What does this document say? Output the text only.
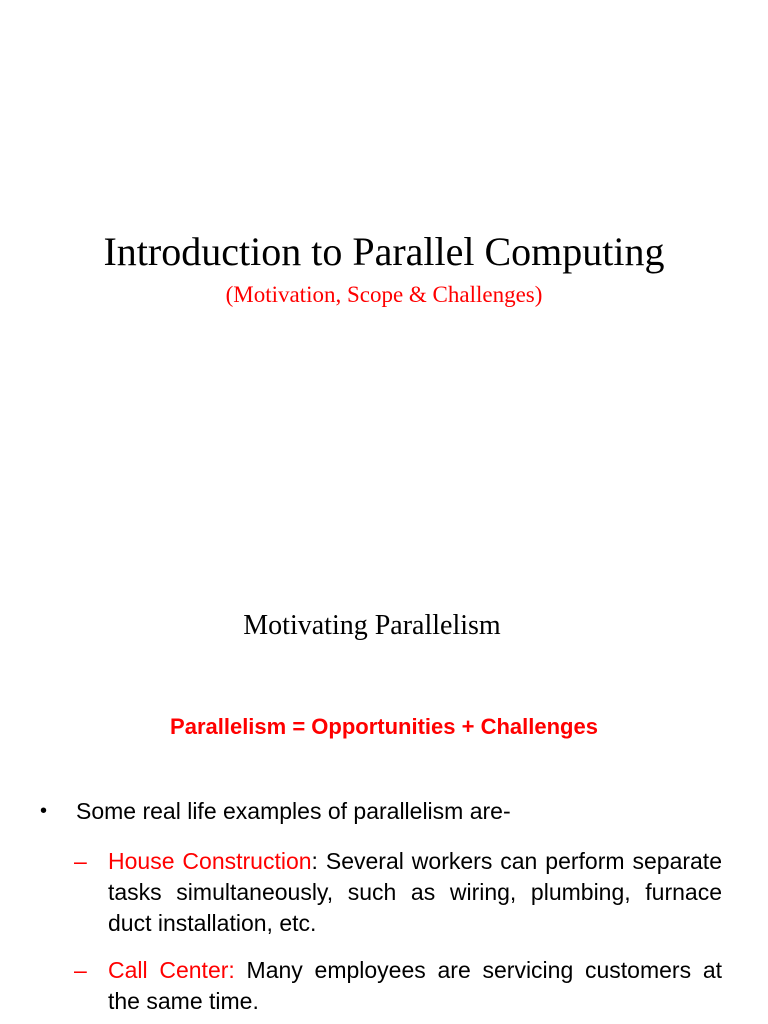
Introduction to Parallel Computing
(Motivation, Scope & Challenges)
Motivating Parallelism
Parallelism = Opportunities + Challenges
• Some real life examples of parallelism are-
– House Construction: Several workers can perform separate tasks simultaneously, such as wiring, plumbing, furnace duct installation, etc.
– Call Center: Many employees are servicing customers at the same time.
